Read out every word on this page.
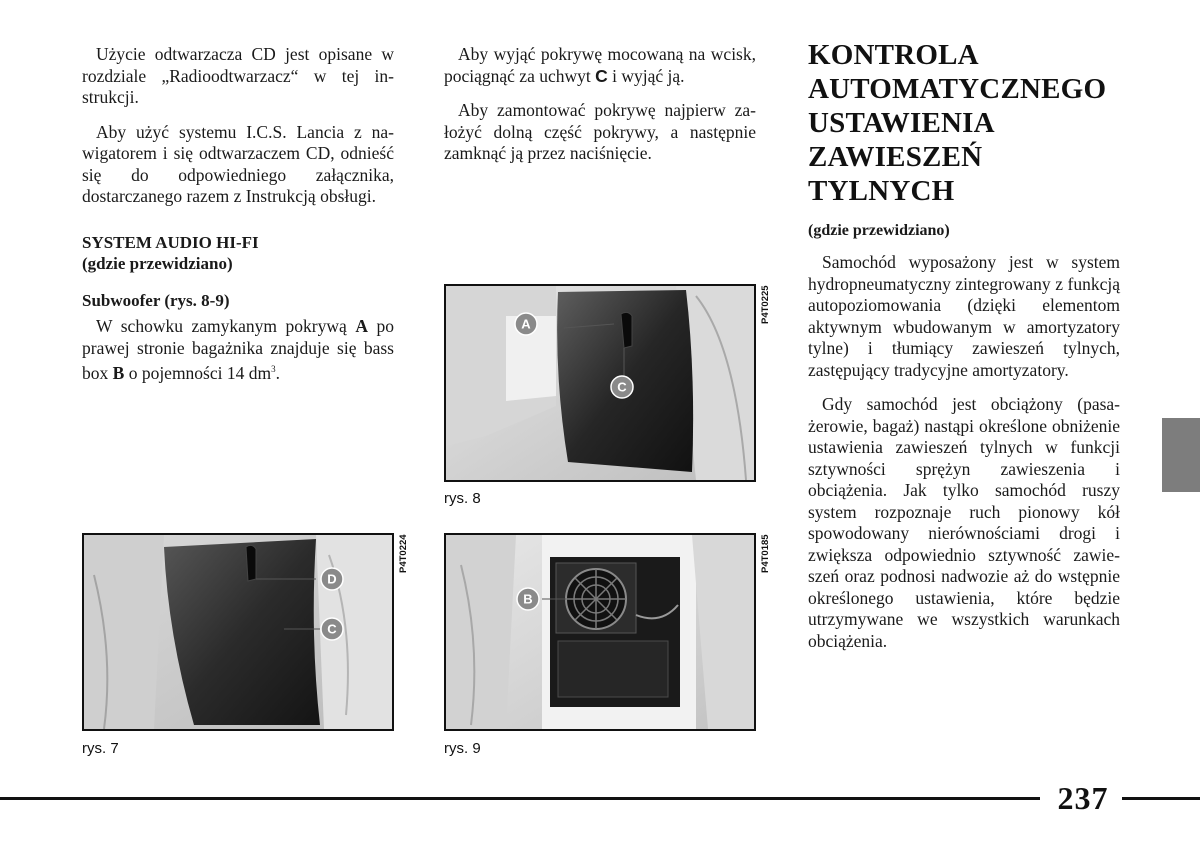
Użycie odtwarzacza CD jest opisane w rozdziale „Radioodtwarzacz“ w tej instrukcji.

Aby użyć systemu I.C.S. Lancia z nawigatorem i się odtwarzaczem CD, odnieść się do odpowiedniego załącznika, dostarczanego razem z Instrukcją obsługi.

SYSTEM AUDIO HI-FI
(gdzie przewidziano)
Subwoofer (rys. 8-9)

W schowku zamykanym pokrywą A po prawej stronie bagażnika znajduje się bass box B o pojemności 14 $dm^3$.

Aby wyjąć pokrywę mocowaną na wcisk, pociągnąć za uchwyt C i wyjąć ją.

Aby zamontować pokrywę najpierw założyć dolną część pokrywy, a następnie zamknąć ją przez naciśnięcie.

KONTROLA
AUTOMATYCZNEGO
USTAWIENIA
ZAWIESZEŃ
TYLNYCH
(gdzie przewidziano)

Samochód wyposażony jest w system hydropneumatyczny zintegrowany z funkcją autopoziomowania (dzięki elementom aktywnym wbudowanym w amortyzatory tylne) i tłumiący zawieszeń tylnych, zastępujący tradycyjne amortyzatory.

Gdy samochód jest obciążony (pasażerowie, bagaż) nastąpi określone obniżenie ustawienia zawieszeń tylnych w funkcji sztywności sprężyn zawieszenia i obciążenia. Jak tylko samochód ruszy system rozpoznaje ruch pionowy kół spowodowany nierównościami drogi i zwiększa odpowiednio sztywność zawieszeń oraz podnosi nadwozie aż do wstępnie określonego ustawienia, które będzie utrzymywane we wszystkich warunkach obciążenia.

A
C
P4T0225
rys. 8
D
C
P4T0224
rys. 7
B
P4T0185
rys. 9
237
